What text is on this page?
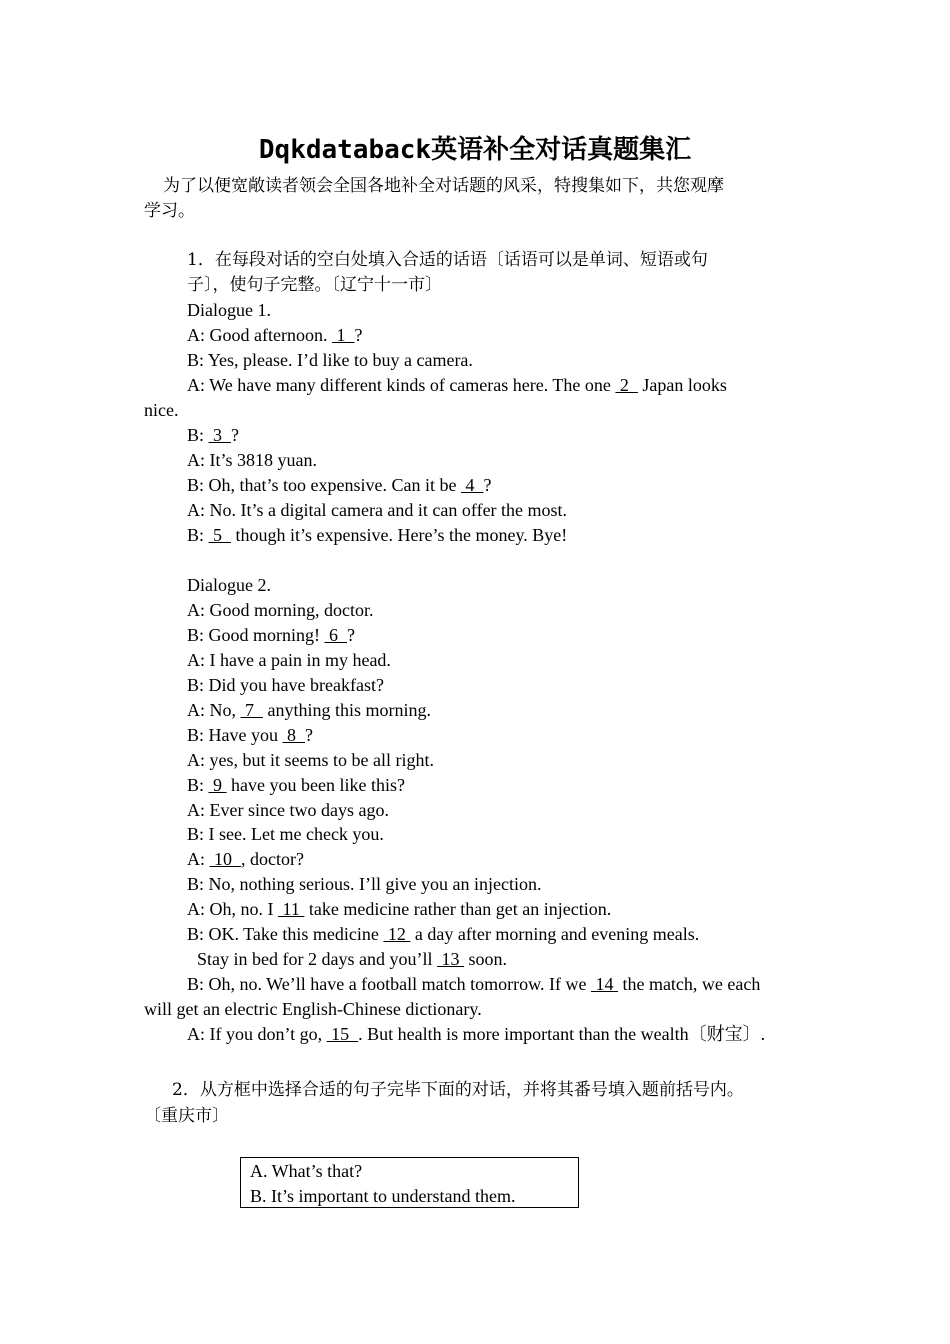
Dqkdataback英语补全对话真题集汇
为了以便宽敞读者领会全国各地补全对话题的风采，特搜集如下，共您观摩
学习。
1．在每段对话的空白处填入合适的话语〔话语可以是单词、短语或句
子〕，使句子完整。〔辽宁十一市〕
Dialogue 1.
A: Good afternoon.  1  ?
B: Yes, please. I’d like to buy a camera.
A: We have many different kinds of cameras here. The one  2   Japan looks
nice.
B:  3  ?
A: It’s 3818 yuan.
B: Oh, that’s too expensive. Can it be  4  ?
A: No. It’s a digital camera and it can offer the most.
B:  5   though it’s expensive. Here’s the money. Bye!
Dialogue 2.
A: Good morning, doctor.
B: Good morning!  6  ?
A: I have a pain in my head.
B: Did you have breakfast?
A: No,  7   anything this morning.
B: Have you  8  ?
A: yes, but it seems to be all right.
B:  9  have you been like this?
A: Ever since two days ago.
B: I see. Let me check you.
A:  10  , doctor?
B: No, nothing serious. I’ll give you an injection.
A: Oh, no. I  11  take medicine rather than get an injection.
B: OK. Take this medicine  12  a day after morning and evening meals.
Stay in bed for 2 days and you’ll  13  soon.
B: Oh, no. We’ll have a football match tomorrow. If we  14  the match, we each
will get an electric English-Chinese dictionary.
A: If you don’t go,  15  . But health is more important than the wealth〔财宝〕.
2．从方框中选择合适的句子完毕下面的对话，并将其番号填入题前括号内。
〔重庆市〕
A. What’s that?
B. It’s important to understand them.
